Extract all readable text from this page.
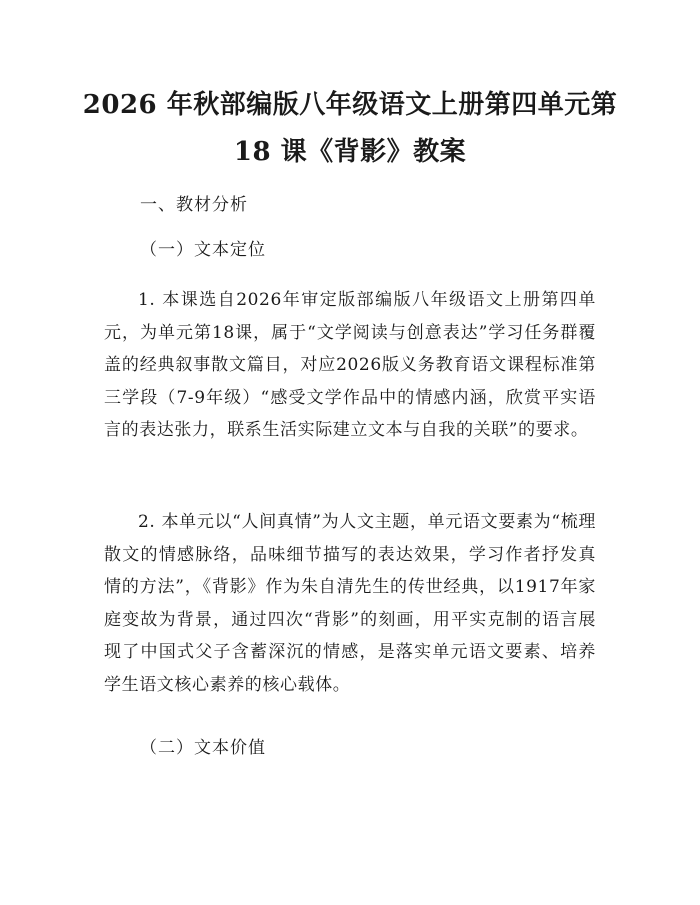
2026 年秋部编版八年级语文上册第四单元第
18 课《背影》教案
一、教材分析
（一）文本定位
1. 本课选自2026年审定版部编版八年级语文上册第四单元，为单元第18课，属于“文学阅读与创意表达”学习任务群覆盖的经典叙事散文篇目，对应2026版义务教育语文课程标准第三学段（7-9年级）“感受文学作品中的情感内涵，欣赏平实语言的表达张力，联系生活实际建立文本与自我的关联”的要求。
2. 本单元以“人间真情”为人文主题，单元语文要素为“梳理散文的情感脉络，品味细节描写的表达效果，学习作者抒发真情的方法”，《背影》作为朱自清先生的传世经典，以1917年家庭变故为背景，通过四次“背影”的刻画，用平实克制的语言展现了中国式父子含蓄深沉的情感，是落实单元语文要素、培养学生语文核心素养的核心载体。
（二）文本价值
